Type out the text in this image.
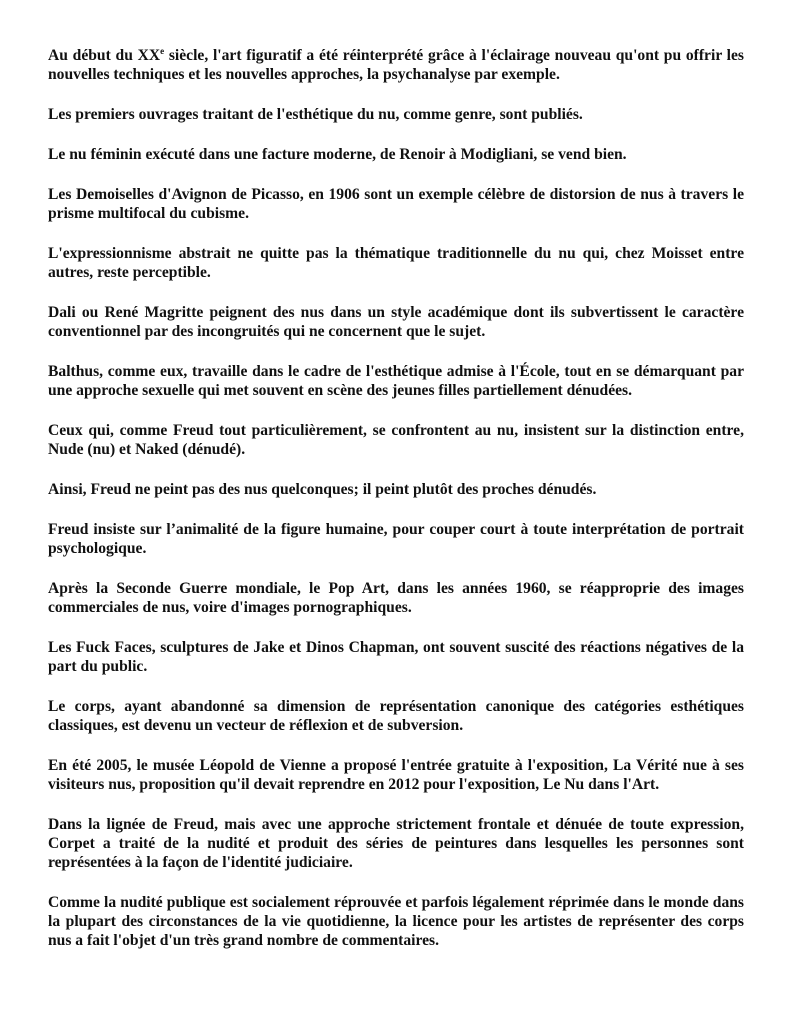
Au début du XXe siècle, l'art figuratif a été réinterprété grâce à l'éclairage nouveau qu'ont pu offrir les nouvelles techniques et les nouvelles approches, la psychanalyse par exemple.

Les premiers ouvrages traitant de l'esthétique du nu, comme genre, sont publiés.

Le nu féminin exécuté dans une facture moderne, de Renoir à Modigliani, se vend bien.

Les Demoiselles d'Avignon de Picasso, en 1906 sont un exemple célèbre de distorsion de nus à travers le prisme multifocal du cubisme.

L'expressionnisme abstrait ne quitte pas la thématique traditionnelle du nu qui, chez Moisset entre autres, reste perceptible.

Dali ou René Magritte peignent des nus dans un style académique dont ils subvertissent le caractère conventionnel par des incongruités qui ne concernent que le sujet.

Balthus, comme eux, travaille dans le cadre de l'esthétique admise à l'École, tout en se démarquant par une approche sexuelle qui met souvent en scène des jeunes filles partiellement dénudées.

Ceux qui, comme Freud tout particulièrement, se confrontent au nu, insistent sur la distinction entre, Nude (nu) et Naked (dénudé).

Ainsi, Freud ne peint pas des nus quelconques; il peint plutôt des proches dénudés.

Freud insiste sur l’animalité de la figure humaine, pour couper court à toute interprétation de portrait psychologique.

Après la Seconde Guerre mondiale, le Pop Art, dans les années 1960, se réapproprie des images commerciales de nus, voire d'images pornographiques.

Les Fuck Faces, sculptures de Jake et Dinos Chapman, ont souvent suscité des réactions négatives de la part du public.

Le corps, ayant abandonné sa dimension de représentation canonique des catégories esthétiques classiques, est devenu un vecteur de réflexion et de subversion.

En été 2005, le musée Léopold de Vienne a proposé l'entrée gratuite à l'exposition, La Vérité nue à ses visiteurs nus, proposition qu'il devait reprendre en 2012 pour l'exposition, Le Nu dans l'Art.

Dans la lignée de Freud, mais avec une approche strictement frontale et dénuée de toute expression, Corpet a traité de la nudité et produit des séries de peintures dans lesquelles les personnes sont représentées à la façon de l'identité judiciaire.

Comme la nudité publique est socialement réprouvée et parfois légalement réprimée dans le monde dans la plupart des circonstances de la vie quotidienne, la licence pour les artistes de représenter des corps nus a fait l'objet d'un très grand nombre de commentaires.
